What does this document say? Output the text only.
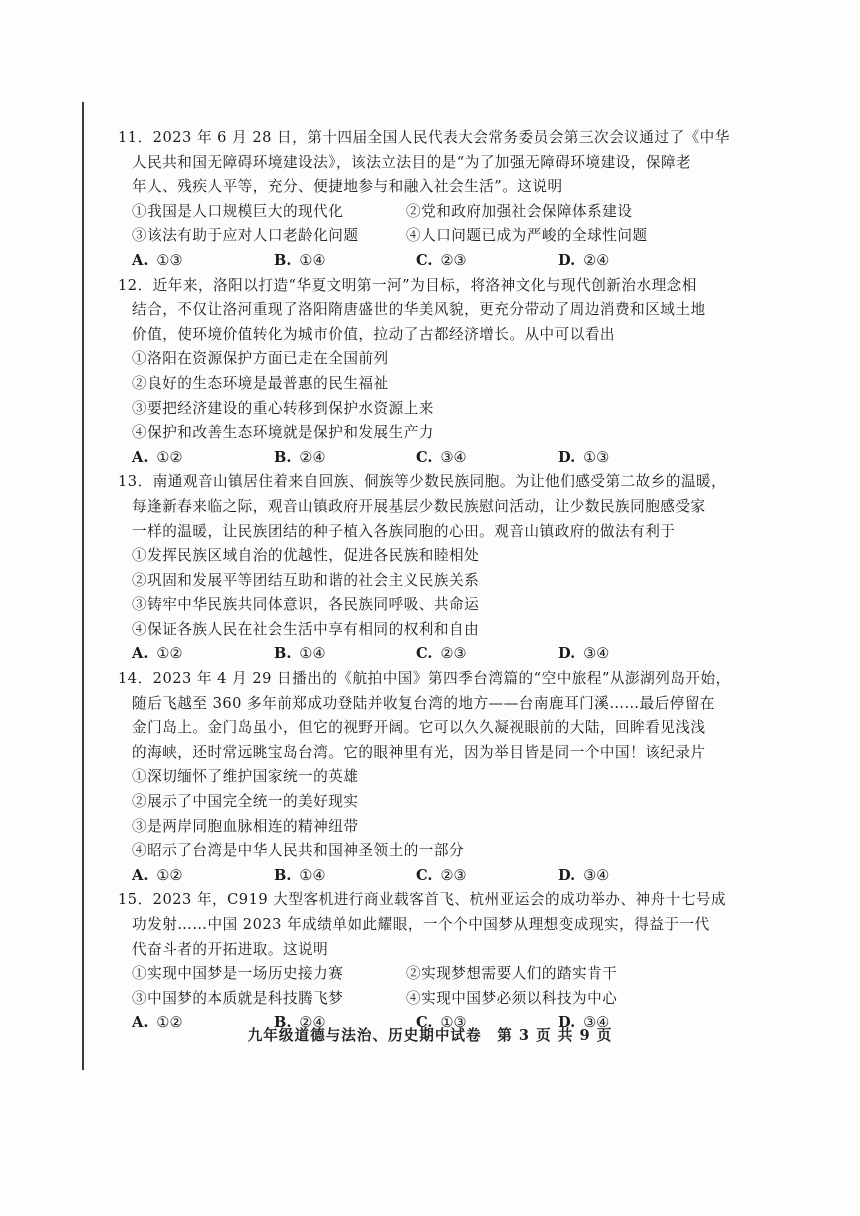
11．2023 年 6 月 28 日，第十四届全国人民代表大会常务委员会第三次会议通过了《中华
人民共和国无障碍环境建设法》，该法立法目的是“为了加强无障碍环境建设，保障老
年人、残疾人平等，充分、便捷地参与和融入社会生活”。这说明
①我国是人口规模巨大的现代化	②党和政府加强社会保障体系建设
③该法有助于应对人口老龄化问题	④人口问题已成为严峻的全球性问题
A. ①③	B. ①④	C. ②③	D. ②④
12．近年来，洛阳以打造“华夏文明第一河”为目标，将洛神文化与现代创新治水理念相
结合，不仅让洛河重现了洛阳隋唐盛世的华美风貌，更充分带动了周边消费和区域土地
价值，使环境价值转化为城市价值，拉动了古都经济增长。从中可以看出
①洛阳在资源保护方面已走在全国前列
②良好的生态环境是最普惠的民生福祉
③要把经济建设的重心转移到保护水资源上来
④保护和改善生态环境就是保护和发展生产力
A. ①②	B. ②④	C. ③④	D. ①③
13．南通观音山镇居住着来自回族、侗族等少数民族同胞。为让他们感受第二故乡的温暖，
每逢新春来临之际，观音山镇政府开展基层少数民族慰问活动，让少数民族同胞感受家
一样的温暖，让民族团结的种子植入各族同胞的心田。观音山镇政府的做法有利于
①发挥民族区域自治的优越性，促进各民族和睦相处
②巩固和发展平等团结互助和谐的社会主义民族关系
③铸牢中华民族共同体意识，各民族同呼吸、共命运
④保证各族人民在社会生活中享有相同的权利和自由
A. ①②	B. ①④	C. ②③	D. ③④
14．2023 年 4 月 29 日播出的《航拍中国》第四季台湾篇的“空中旅程”从澎湖列岛开始，
随后飞越至 360 多年前郑成功登陆并收复台湾的地方——台南鹿耳门溪……最后停留在
金门岛上。金门岛虽小，但它的视野开阔。它可以久久凝视眼前的大陆，回眸看见浅浅
的海峡，还时常远眺宝岛台湾。它的眼神里有光，因为举目皆是同一个中国！该纪录片
①深切缅怀了维护国家统一的英雄
②展示了中国完全统一的美好现实
③是两岸同胞血脉相连的精神纽带
④昭示了台湾是中华人民共和国神圣领土的一部分
A. ①②	B. ①④	C. ②③	D. ③④
15．2023 年，C919 大型客机进行商业载客首飞、杭州亚运会的成功举办、神舟十七号成
功发射……中国 2023 年成绩单如此耀眼，一个个中国梦从理想变成现实，得益于一代
代奋斗者的开拓进取。这说明
①实现中国梦是一场历史接力赛	②实现梦想需要人们的踏实肯干
③中国梦的本质就是科技腾飞梦	④实现中国梦必须以科技为中心
A. ①②	B. ②④	C. ①③	D. ③④
九年级道德与法治、历史期中试卷　第 3 页 共 9 页
